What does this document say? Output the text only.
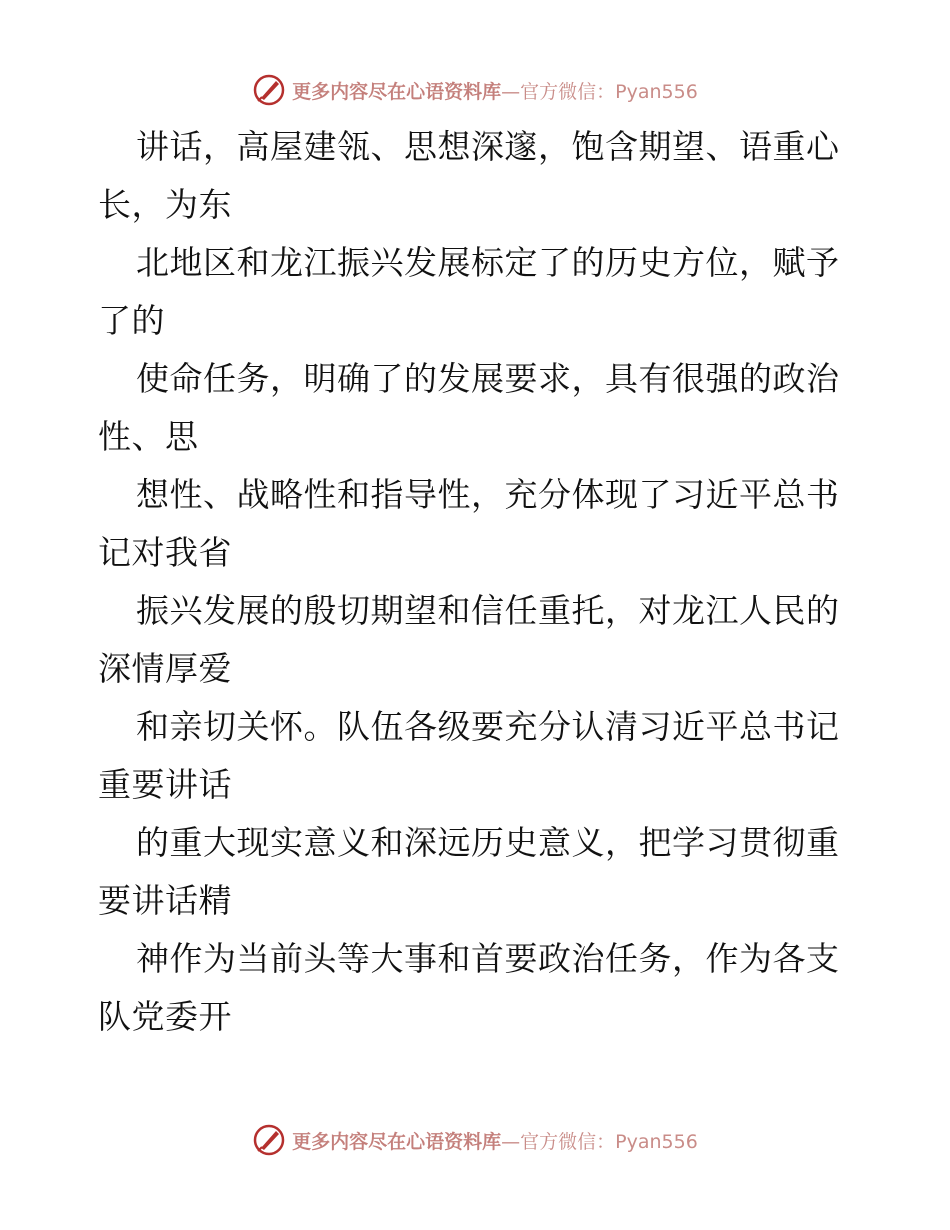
更多内容尽在心语资料库—官方微信：Pyan556
讲话，高屋建瓴、思想深邃，饱含期望、语重心
长，为东
北地区和龙江振兴发展标定了的历史方位，赋予
了的
使命任务，明确了的发展要求，具有很强的政治
性、思
想性、战略性和指导性，充分体现了习近平总书
记对我省
振兴发展的殷切期望和信任重托，对龙江人民的
深情厚爱
和亲切关怀。队伍各级要充分认清习近平总书记
重要讲话
的重大现实意义和深远历史意义，把学习贯彻重
要讲话精
神作为当前头等大事和首要政治任务，作为各支
队党委开
更多内容尽在心语资料库—官方微信：Pyan556
